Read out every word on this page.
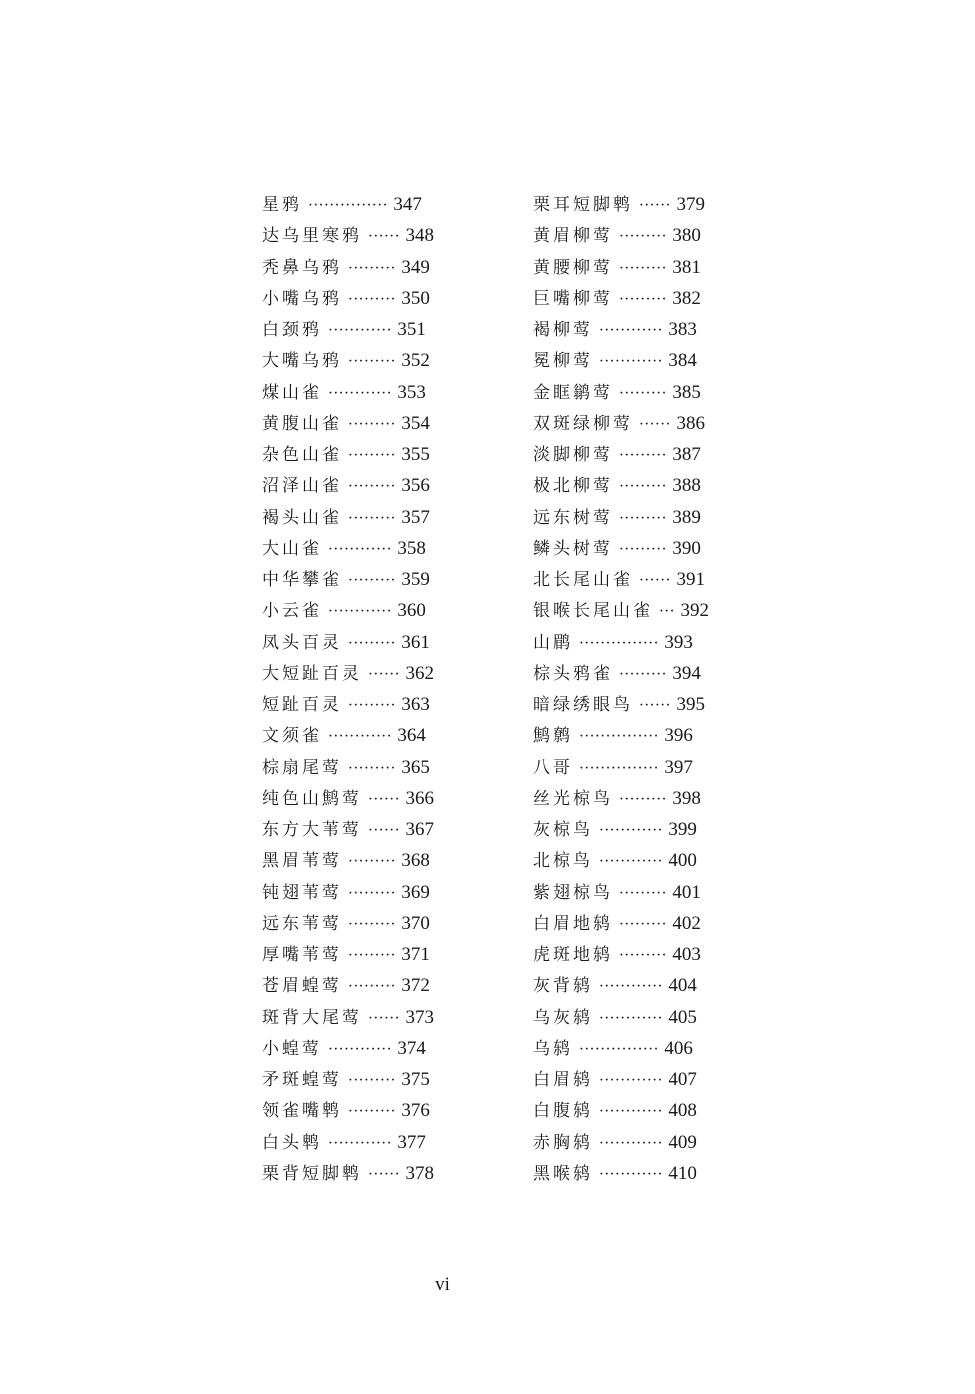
星鸦 ··············· 347
达乌里寒鸦 ······ 348
秃鼻乌鸦 ········· 349
小嘴乌鸦 ········· 350
白颈鸦 ············ 351
大嘴乌鸦 ········· 352
煤山雀 ············ 353
黄腹山雀 ········· 354
杂色山雀 ········· 355
沼泽山雀 ········· 356
褐头山雀 ········· 357
大山雀 ············ 358
中华攀雀 ········· 359
小云雀 ············ 360
凤头百灵 ········· 361
大短趾百灵 ······ 362
短趾百灵 ········· 363
文须雀 ············ 364
棕扇尾莺 ········· 365
纯色山鹪莺 ······ 366
东方大苇莺 ······ 367
黑眉苇莺 ········· 368
钝翅苇莺 ········· 369
远东苇莺 ········· 370
厚嘴苇莺 ········· 371
苍眉蝗莺 ········· 372
斑背大尾莺 ······ 373
小蝗莺 ············ 374
矛斑蝗莺 ········· 375
领雀嘴鹎 ········· 376
白头鹎 ············ 377
栗背短脚鹎 ······ 378
栗耳短脚鹎 ······ 379
黄眉柳莺 ········· 380
黄腰柳莺 ········· 381
巨嘴柳莺 ········· 382
褐柳莺 ············ 383
冕柳莺 ············ 384
金眶鹟莺 ········· 385
双斑绿柳莺 ······ 386
淡脚柳莺 ········· 387
极北柳莺 ········· 388
远东树莺 ········· 389
鳞头树莺 ········· 390
北长尾山雀 ······ 391
银喉长尾山雀 ··· 392
山鹛 ··············· 393
棕头鸦雀 ········· 394
暗绿绣眼鸟 ······ 395
鹪鹩 ··············· 396
八哥 ··············· 397
丝光椋鸟 ········· 398
灰椋鸟 ············ 399
北椋鸟 ············ 400
紫翅椋鸟 ········· 401
白眉地鸫 ········· 402
虎斑地鸫 ········· 403
灰背鸫 ············ 404
乌灰鸫 ············ 405
乌鸫 ··············· 406
白眉鸫 ············ 407
白腹鸫 ············ 408
赤胸鸫 ············ 409
黑喉鸫 ············ 410
vi
